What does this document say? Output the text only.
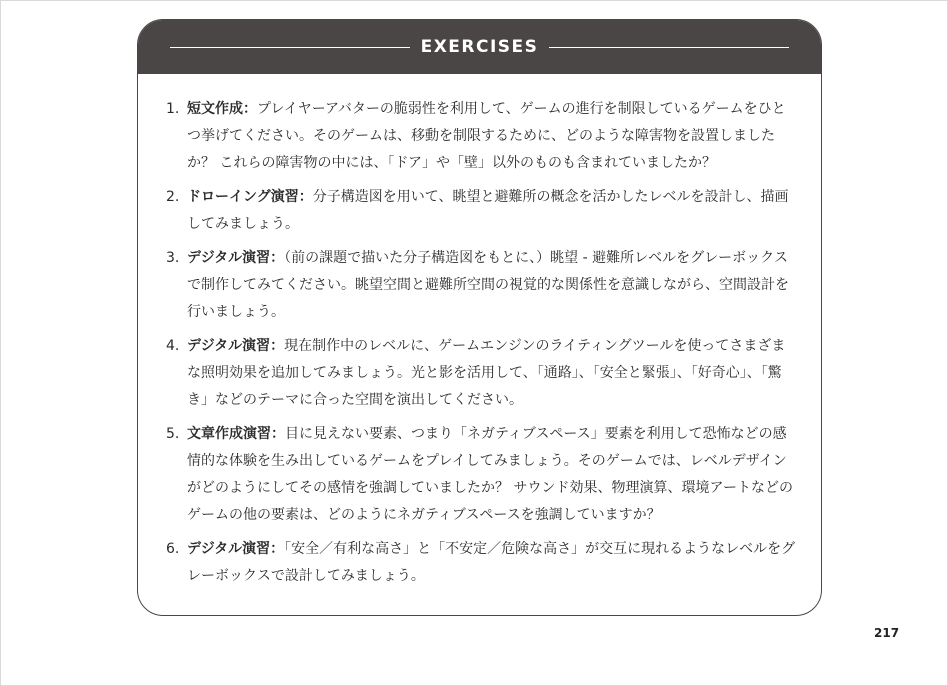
EXERCISES
1. 短文作成：プレイヤーアバターの脆弱性を利用して、ゲームの進行を制限しているゲームをひとつ挙げてください。そのゲームは、移動を制限するために、どのような障害物を設置しましたか？ これらの障害物の中には、「ドア」や「壁」以外のものも含まれていましたか？
2. ドローイング演習：分子構造図を用いて、眺望と避難所の概念を活かしたレベルを設計し、描画してみましょう。
3. デジタル演習：（前の課題で描いた分子構造図をもとに、）眺望 - 避難所レベルをグレーボックスで制作してみてください。眺望空間と避難所空間の視覚的な関係性を意識しながら、空間設計を行いましょう。
4. デジタル演習：現在制作中のレベルに、ゲームエンジンのライティングツールを使ってさまざまな照明効果を追加してみましょう。光と影を活用して、「通路」、「安全と緊張」、「好奇心」、「驚き」などのテーマに合った空間を演出してください。
5. 文章作成演習：目に見えない要素、つまり「ネガティブスペース」要素を利用して恐怖などの感情的な体験を生み出しているゲームをプレイしてみましょう。そのゲームでは、レベルデザインがどのようにしてその感情を強調していましたか？ サウンド効果、物理演算、環境アートなどのゲームの他の要素は、どのようにネガティブスペースを強調していますか？
6. デジタル演習：「安全／有利な高さ」と「不安定／危険な高さ」が交互に現れるようなレベルをグレーボックスで設計してみましょう。
217
